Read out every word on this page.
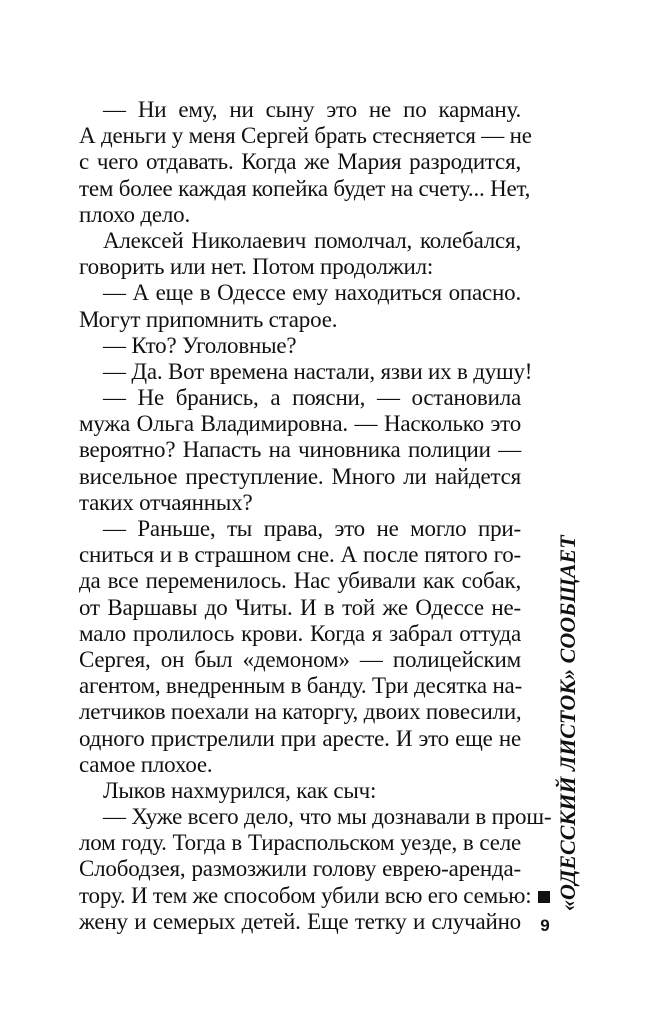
— Ни ему, ни сыну это не по карману.
А деньги у меня Сергей брать стесняется — не
с чего отдавать. Когда же Мария разродится,
тем более каждая копейка будет на счету... Нет,
плохо дело.
Алексей Николаевич помолчал, колебался,
говорить или нет. Потом продолжил:
— А еще в Одессе ему находиться опасно.
Могут припомнить старое.
— Кто? Уголовные?
— Да. Вот времена настали, язви их в душу!
— Не бранись, а поясни, — остановила
мужа Ольга Владимировна. — Насколько это
вероятно? Напасть на чиновника полиции —
висельное преступление. Много ли найдется
таких отчаянных?
— Раньше, ты права, это не могло при-
сниться и в страшном сне. А после пятого го-
да все переменилось. Нас убивали как собак,
от Варшавы до Читы. И в той же Одессе не-
мало пролилось крови. Когда я забрал оттуда
Сергея, он был «демоном» — полицейским
агентом, внедренным в банду. Три десятка на-
летчиков поехали на каторгу, двоих повесили,
одного пристрелили при аресте. И это еще не
самое плохое.
Лыков нахмурился, как сыч:
— Хуже всего дело, что мы дознавали в прош-
лом году. Тогда в Тираспольском уезде, в селе
Слободзея, размозжили голову еврею-аренда-
тору. И тем же способом убили всю его семью:
жену и семерых детей. Еще тетку и случайно
«ОДЕССКИЙ ЛИСТОК» СООБЩАЕТ
9
